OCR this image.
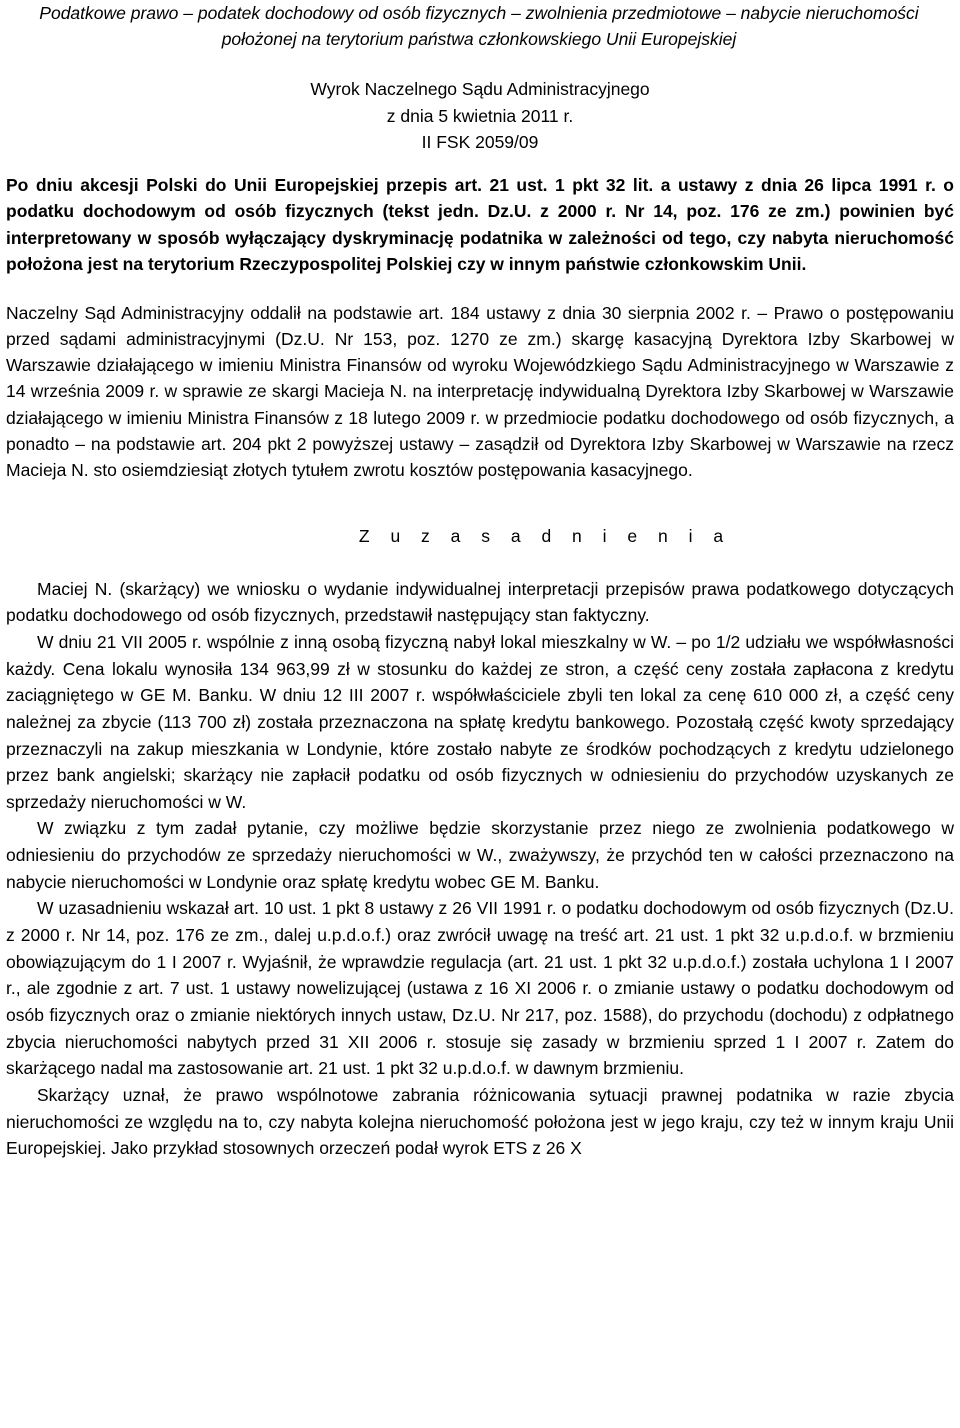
Podatkowe prawo – podatek dochodowy od osób fizycznych – zwolnienia przedmiotowe – nabycie nieruchomości położonej na terytorium państwa członkowskiego Unii Europejskiej

Wyrok Naczelnego Sądu Administracyjnego
z dnia 5 kwietnia 2011 r.
II FSK 2059/09

Po dniu akcesji Polski do Unii Europejskiej przepis art. 21 ust. 1 pkt 32 lit. a ustawy z dnia 26 lipca 1991 r. o podatku dochodowym od osób fizycznych (tekst jedn. Dz.U. z 2000 r. Nr 14, poz. 176 ze zm.) powinien być interpretowany w sposób wyłączający dyskryminację podatnika w zależności od tego, czy nabyta nieruchomość położona jest na terytorium Rzeczypospolitej Polskiej czy w innym państwie członkowskim Unii.

Naczelny Sąd Administracyjny oddalił na podstawie art. 184 ustawy z dnia 30 sierpnia 2002 r. – Prawo o postępowaniu przed sądami administracyjnymi (Dz.U. Nr 153, poz. 1270 ze zm.) skargę kasacyjną Dyrektora Izby Skarbowej w Warszawie działającego w imieniu Ministra Finansów od wyroku Wojewódzkiego Sądu Administracyjnego w Warszawie z 14 września 2009 r. w sprawie ze skargi Macieja N. na interpretację indywidualną Dyrektora Izby Skarbowej w Warszawie działającego w imieniu Ministra Finansów z 18 lutego 2009 r. w przedmiocie podatku dochodowego od osób fizycznych, a ponadto – na podstawie art. 204 pkt 2 powyższej ustawy – zasądził od Dyrektora Izby Skarbowej w Warszawie na rzecz Macieja N. sto osiemdziesiąt złotych tytułem zwrotu kosztów postępowania kasacyjnego.

Z u z a s a d n i e n i a

Maciej N. (skarżący) we wniosku o wydanie indywidualnej interpretacji przepisów prawa podatkowego dotyczących podatku dochodowego od osób fizycznych, przedstawił następujący stan faktyczny.

W dniu 21 VII 2005 r. wspólnie z inną osobą fizyczną nabył lokal mieszkalny w W. – po 1/2 udziału we współwłasności każdy. Cena lokalu wynosiła 134 963,99 zł w stosunku do każdej ze stron, a część ceny została zapłacona z kredytu zaciągniętego w GE M. Banku. W dniu 12 III 2007 r. współwłaściciele zbyli ten lokal za cenę 610 000 zł, a część ceny należnej za zbycie (113 700 zł) została przeznaczona na spłatę kredytu bankowego. Pozostałą część kwoty sprzedający przeznaczyli na zakup mieszkania w Londynie, które zostało nabyte ze środków pochodzących z kredytu udzielonego przez bank angielski; skarżący nie zapłacił podatku od osób fizycznych w odniesieniu do przychodów uzyskanych ze sprzedaży nieruchomości w W.

W związku z tym zadał pytanie, czy możliwe będzie skorzystanie przez niego ze zwolnienia podatkowego w odniesieniu do przychodów ze sprzedaży nieruchomości w W., zważywszy, że przychód ten w całości przeznaczono na nabycie nieruchomości w Londynie oraz spłatę kredytu wobec GE M. Banku.

W uzasadnieniu wskazał art. 10 ust. 1 pkt 8 ustawy z 26 VII 1991 r. o podatku dochodowym od osób fizycznych (Dz.U. z 2000 r. Nr 14, poz. 176 ze zm., dalej u.p.d.o.f.) oraz zwrócił uwagę na treść art. 21 ust. 1 pkt 32 u.p.d.o.f. w brzmieniu obowiązującym do 1 I 2007 r. Wyjaśnił, że wprawdzie regulacja (art. 21 ust. 1 pkt 32 u.p.d.o.f.) została uchylona 1 I 2007 r., ale zgodnie z art. 7 ust. 1 ustawy nowelizującej (ustawa z 16 XI 2006 r. o zmianie ustawy o podatku dochodowym od osób fizycznych oraz o zmianie niektórych innych ustaw, Dz.U. Nr 217, poz. 1588), do przychodu (dochodu) z odpłatnego zbycia nieruchomości nabytych przed 31 XII 2006 r. stosuje się zasady w brzmieniu sprzed 1 I 2007 r. Zatem do skarżącego nadal ma zastosowanie art. 21 ust. 1 pkt 32 u.p.d.o.f. w dawnym brzmieniu.

Skarżący uznał, że prawo wspólnotowe zabrania różnicowania sytuacji prawnej podatnika w razie zbycia nieruchomości ze względu na to, czy nabyta kolejna nieruchomość położona jest w jego kraju, czy też w innym kraju Unii Europejskiej. Jako przykład stosownych orzeczeń podał wyrok ETS z 26 X
